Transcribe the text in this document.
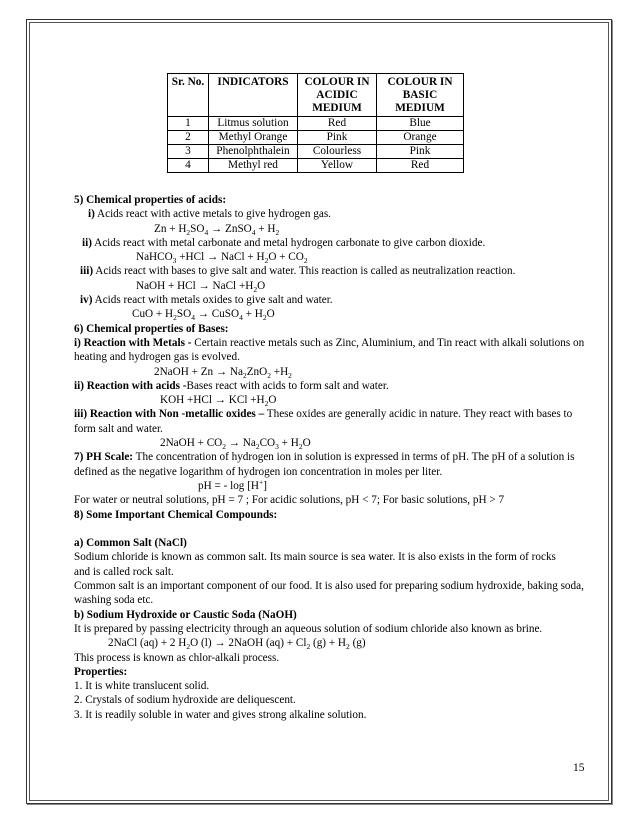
Sr. No.	INDICATORS	COLOUR IN ACIDIC MEDIUM	COLOUR IN BASIC MEDIUM
1	Litmus solution	Red	Blue
2	Methyl Orange	Pink	Orange
3	Phenolphthalein	Colourless	Pink
4	Methyl red	Yellow	Red

5) Chemical properties of acids:

i) Acids react with active metals to give hydrogen gas.

$Zn + H_2SO_4$ → ZnSO$_4$ + $H_2$

ii) Acids react with metal carbonate and metal hydrogen carbonate to give carbon dioxide.

NaHCO$_3$ +HCl → NaCl + $H_2O + CO_2$

iii) Acids react with bases to give salt and water. This reaction is called as neutralization reaction.

NaOH + HCl → NaCl $+H_2O$

iv) Acids react with metals oxides to give salt and water.

CuO + $H_2SO_4$ → CuSO$_4$ + $H_2O$

6) Chemical properties of Bases:

i) Reaction with Metals - Certain reactive metals such as Zinc, Aluminium, and Tin react with alkali solutions on heating and hydrogen gas is evolved.

2NaOH + $Zn \to Na_2ZnO_2 +H_2$

ii) Reaction with acids -Bases react with acids to form salt and water.

KOH +HCl → KCl $+H_2O$

iii) Reaction with Non -metallic oxides – These oxides are generally acidic in nature. They react with bases to form salt and water.

2NaOH + $CO_2 \to Na_2CO_3 + H_2O$

7) PH Scale: The concentration of hydrogen ion in solution is expressed in terms of pH. The pH of a solution is defined as the negative logarithm of hydrogen ion concentration in moles per liter.

pH = - log [H+]

For water or neutral solutions, pH = 7 ; For acidic solutions, pH < 7; For basic solutions, pH > 7

8) Some Important Chemical Compounds:

a) Common Salt (NaCl)

Sodium chloride is known as common salt. Its main source is sea water. It is also exists in the form of rocks and is called rock salt.

Common salt is an important component of our food. It is also used for preparing sodium hydroxide, baking soda, washing soda etc.

b) Sodium Hydroxide or Caustic Soda (NaOH)

It is prepared by passing electricity through an aqueous solution of sodium chloride also known as brine.

2NaCl (aq) + 2 $H_2O$ (l) → 2NaOH $(aq) + Cl_2$ $(g) + H_2$ (g)

This process is known as chlor-alkali process.

Properties:

1. It is white translucent solid.

2. Crystals of sodium hydroxide are deliquescent.

3. It is readily soluble in water and gives strong alkaline solution.

15
